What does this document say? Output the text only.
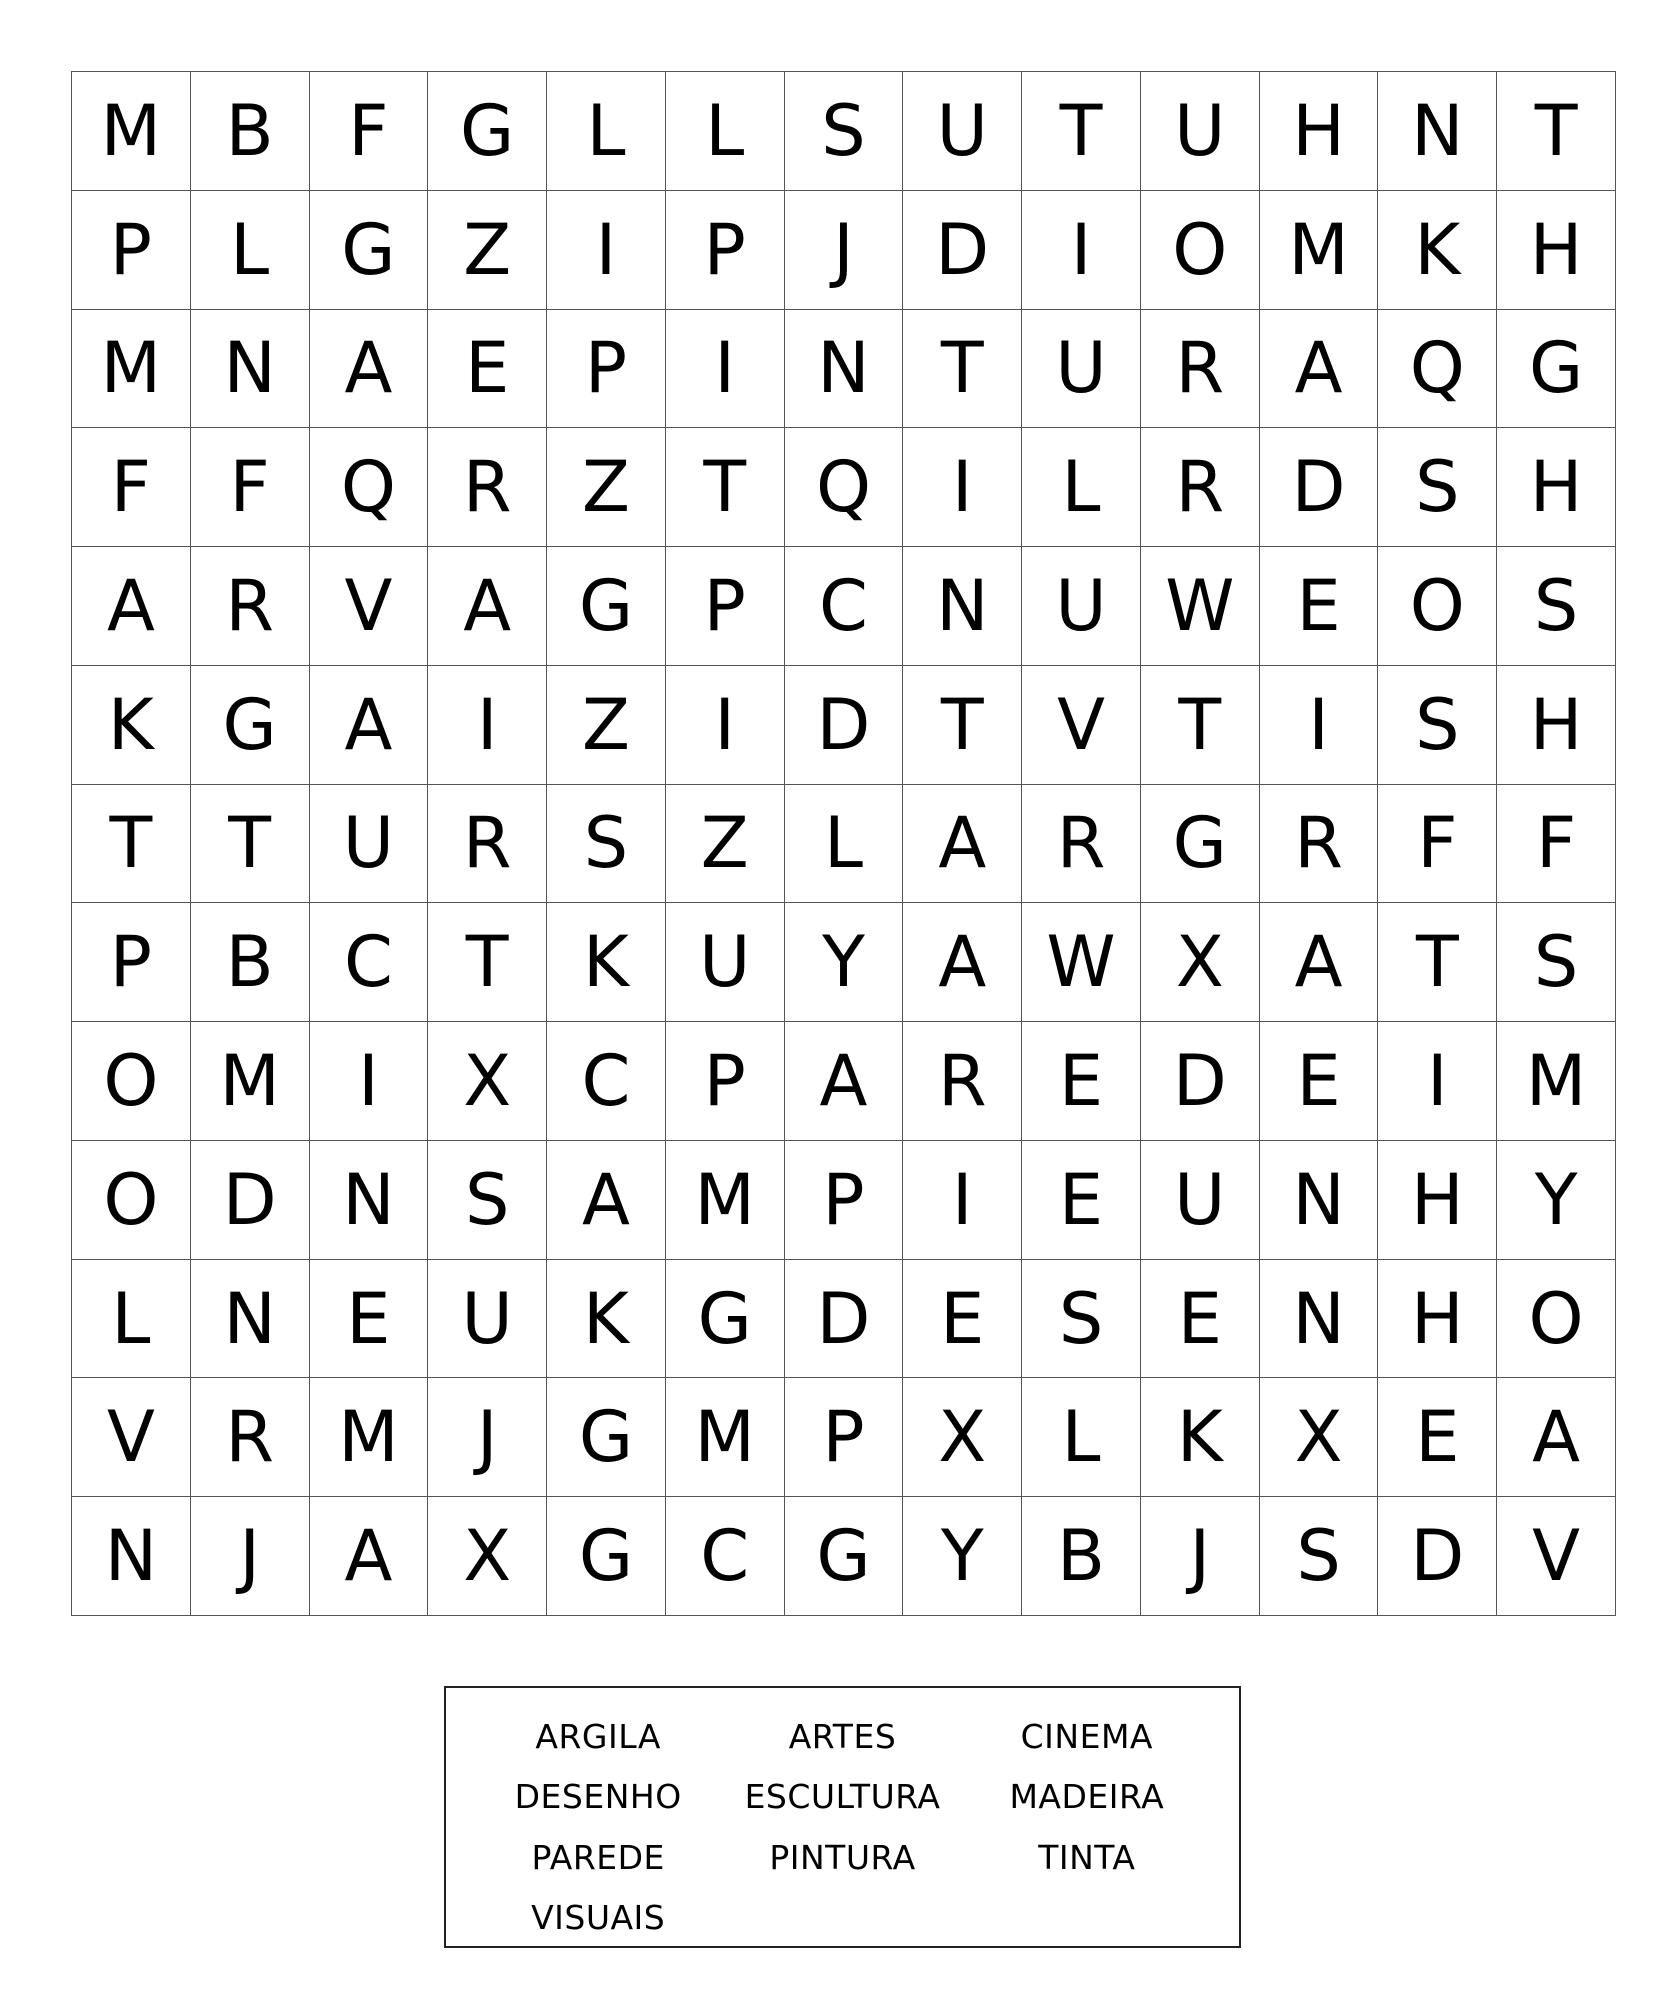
M B	F	G	L	L	S	U	T	U H N	T
P	L	G Z	I	P	J	D	I	O M K H
M N A	E	P	I	N	T	U R	A Q G
F	F	Q R	Z	T Q	I	L	R D S	H
A	R	V	A G	P	C N U W E O S
K G A	I	Z	I	D	T	V	T	I	S	H
T	T	U R	S	Z	L	A	R G R	F	F
P	B	C	T	K	U	Y	A W X	A	T	S
O M	I	X	C	P	A	R	E D E	I	M
O D N	S	A M P	I	E	U N H	Y
L	N	E	U	K G D E	S	E	N H O
V	R M	J	G M P	X	L	K	X	E	A
N	J	A	X G C G	Y	B	J	S D V
ARGILA	ARTES	CINEMA
DESENHO	ESCULTURA	MADEIRA
PAREDE	PINTURA	TINTA
VISUAIS
